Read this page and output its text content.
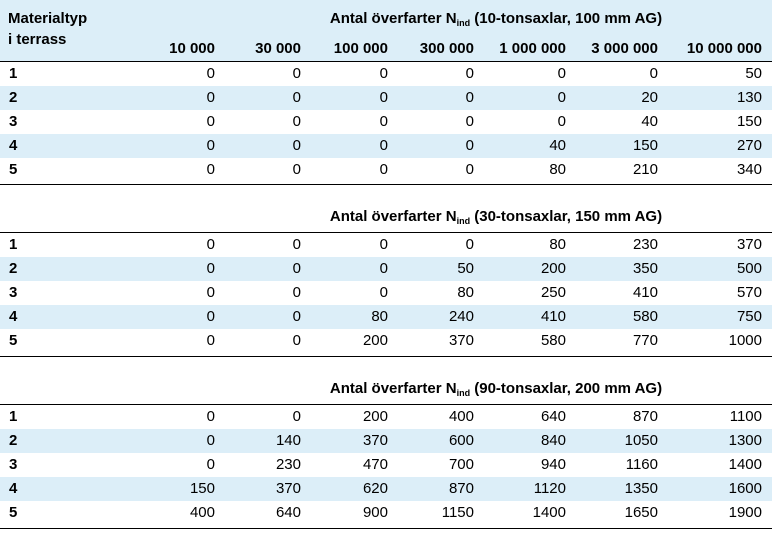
Materialtyp
i terrass
Antal överfarter $N_{ind}$ (10-tonsaxlar, 100 mm AG)
10 000	30 000	100 000	300 000	1 000 000	3 000 000	10 000 000
1	0	0	0	0	0	0	50
2	0	0	0	0	0	20	130
3	0	0	0	0	0	40	150
4	0	0	0	0	40	150	270
5	0	0	0	0	80	210	340
Antal överfarter $N_{ind}$ (30-tonsaxlar, 150 mm AG)
1	0	0	0	0	80	230	370
2	0	0	0	50	200	350	500
3	0	0	0	80	250	410	570
4	0	0	80	240	410	580	750
5	0	0	200	370	580	770	1000
Antal överfarter $N_{ind}$ (90-tonsaxlar, 200 mm AG)
1	0	0	200	400	640	870	1100
2	0	140	370	600	840	1050	1300
3	0	230	470	700	940	1160	1400
4	150	370	620	870	1120	1350	1600
5	400	640	900	1150	1400	1650	1900
